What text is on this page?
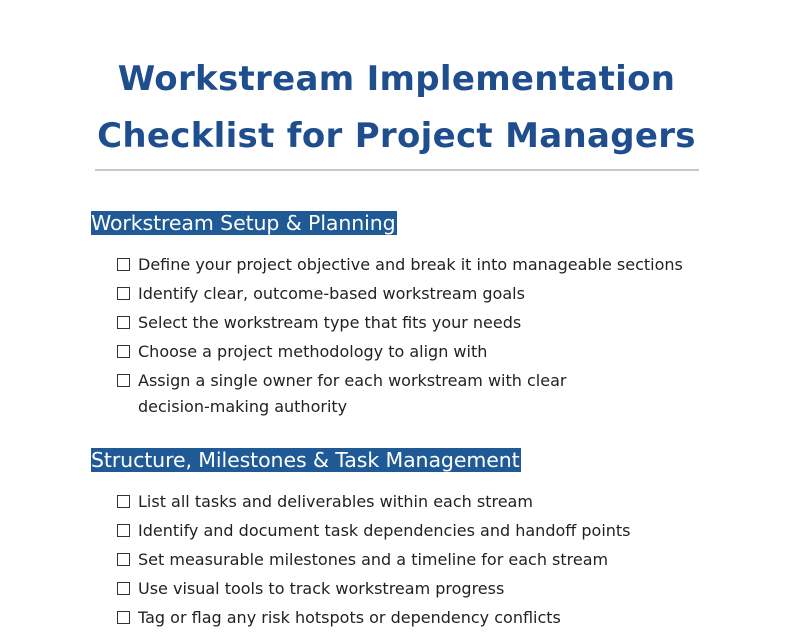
Workstream Implementation
Checklist for Project Managers
Workstream Setup & Planning
Define your project objective and break it into manageable sections
Identify clear, outcome-based workstream goals
Select the workstream type that fits your needs
Choose a project methodology to align with
Assign a single owner for each workstream with clear decision-making authority
Structure, Milestones & Task Management
List all tasks and deliverables within each stream
Identify and document task dependencies and handoff points
Set measurable milestones and a timeline for each stream
Use visual tools to track workstream progress
Tag or flag any risk hotspots or dependency conflicts
